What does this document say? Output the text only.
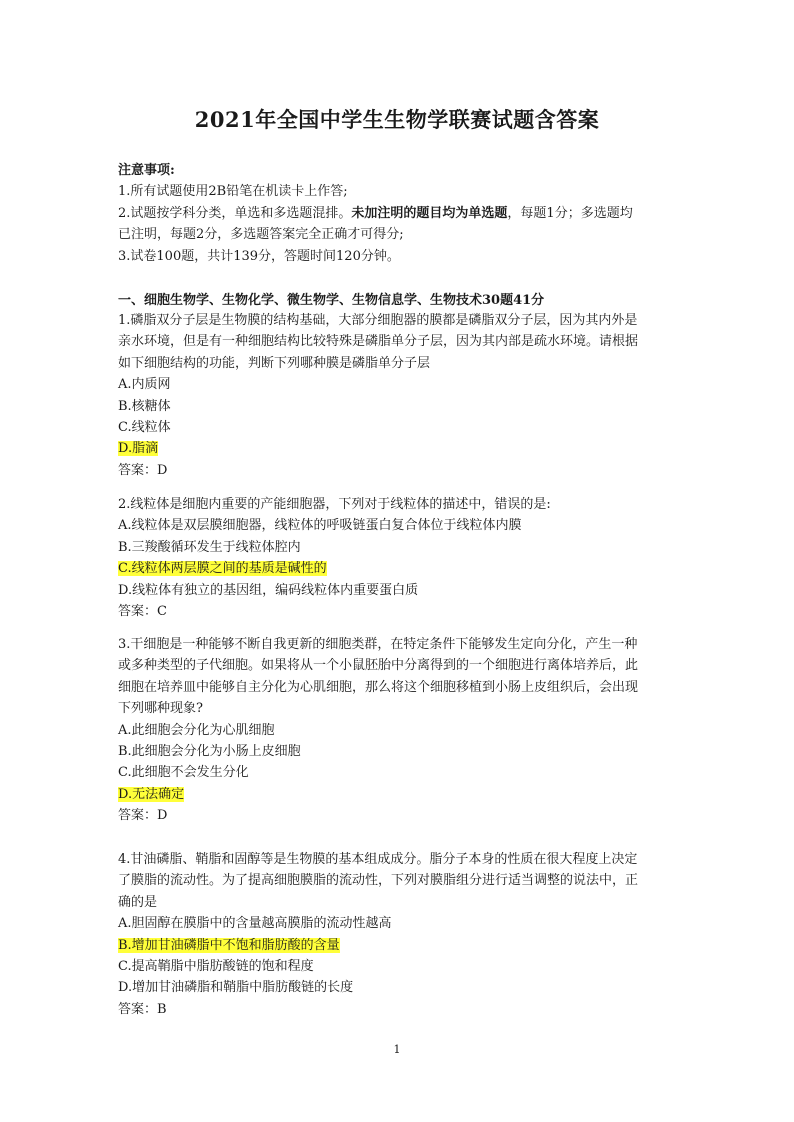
2021年全国中学生生物学联赛试题含答案
注意事项:
1.所有试题使用2B铅笔在机读卡上作答;
2.试题按学科分类，单选和多选题混排。未加注明的题目均为单选题，每题1分；多选题均
已注明，每题2分，多选题答案完全正确才可得分;
3.试卷100题，共计139分，答题时间120分钟。
一、细胞生物学、生物化学、微生物学、生物信息学、生物技术30题41分
1.磷脂双分子层是生物膜的结构基础，大部分细胞器的膜都是磷脂双分子层，因为其内外是
亲水环境，但是有一种细胞结构比较特殊是磷脂单分子层，因为其内部是疏水环境。请根据
如下细胞结构的功能，判断下列哪种膜是磷脂单分子层
A.内质网
B.核糖体
C.线粒体
D.脂滴
答案：D
2.线粒体是细胞内重要的产能细胞器，下列对于线粒体的描述中，错误的是:
A.线粒体是双层膜细胞器，线粒体的呼吸链蛋白复合体位于线粒体内膜
B.三羧酸循环发生于线粒体腔内
C.线粒体两层膜之间的基质是碱性的
D.线粒体有独立的基因组，编码线粒体内重要蛋白质
答案：C
3.干细胞是一种能够不断自我更新的细胞类群，在特定条件下能够发生定向分化，产生一种
或多种类型的子代细胞。如果将从一个小鼠胚胎中分离得到的一个细胞进行离体培养后，此
细胞在培养皿中能够自主分化为心肌细胞，那么将这个细胞移植到小肠上皮组织后，会出现
下列哪种现象?
A.此细胞会分化为心肌细胞
B.此细胞会分化为小肠上皮细胞
C.此细胞不会发生分化
D.无法确定
答案：D
4.甘油磷脂、鞘脂和固醇等是生物膜的基本组成成分。脂分子本身的性质在很大程度上决定
了膜脂的流动性。为了提高细胞膜脂的流动性，下列对膜脂组分进行适当调整的说法中，正
确的是
A.胆固醇在膜脂中的含量越高膜脂的流动性越高
B.增加甘油磷脂中不饱和脂肪酸的含量
C.提高鞘脂中脂肪酸链的饱和程度
D.增加甘油磷脂和鞘脂中脂肪酸链的长度
答案：B
1
